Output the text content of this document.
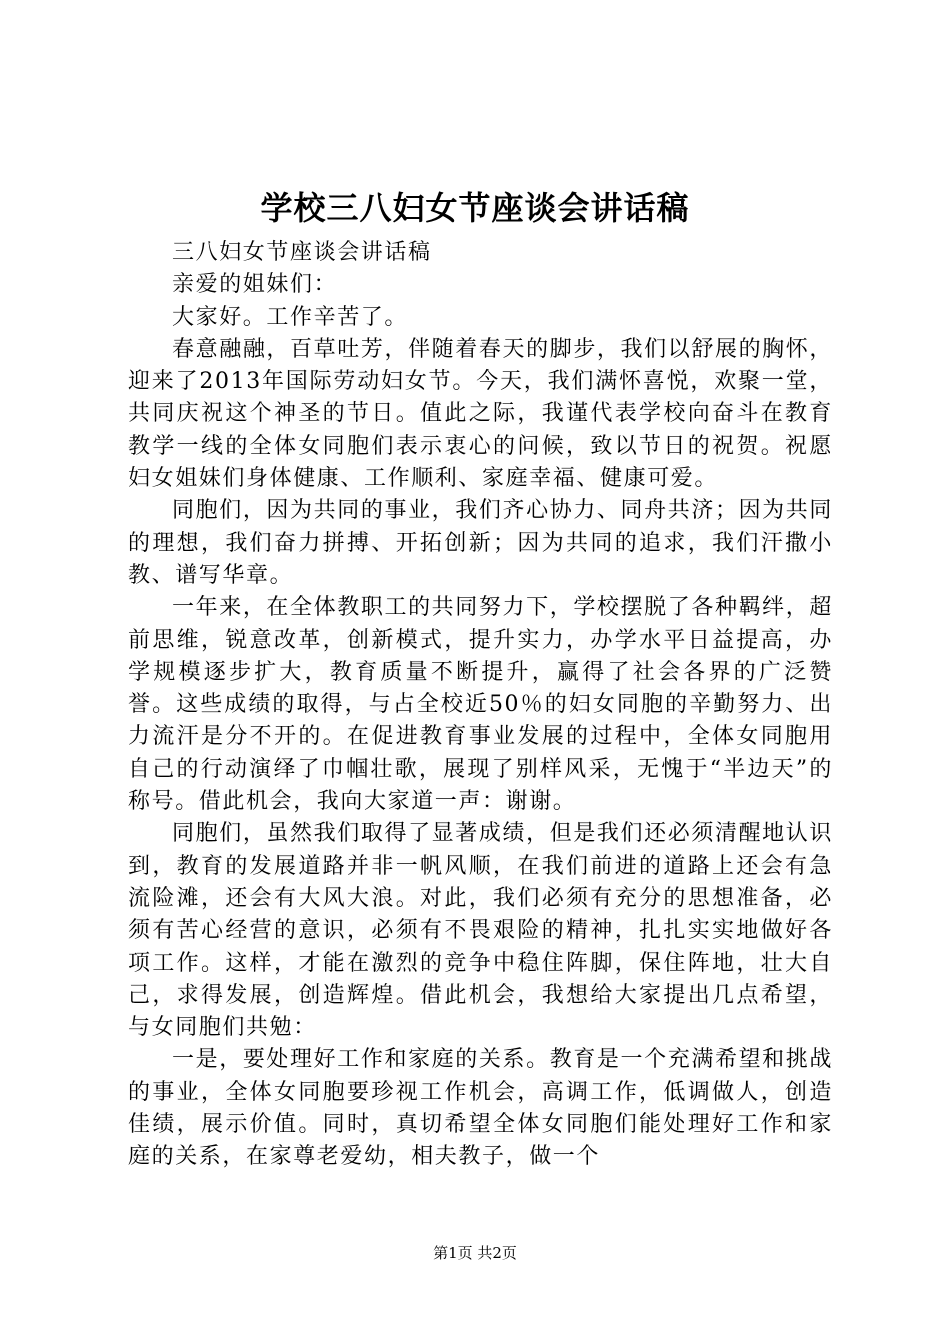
学校三八妇女节座谈会讲话稿

三八妇女节座谈会讲话稿

亲爱的姐妹们：

大家好。工作辛苦了。

春意融融，百草吐芳，伴随着春天的脚步，我们以舒展的胸怀，迎来了2013年国际劳动妇女节。今天，我们满怀喜悦，欢聚一堂，共同庆祝这个神圣的节日。值此之际，我谨代表学校向奋斗在教育教学一线的全体女同胞们表示衷心的问候，致以节日的祝贺。祝愿妇女姐妹们身体健康、工作顺利、家庭幸福、健康可爱。

同胞们，因为共同的事业，我们齐心协力、同舟共济；因为共同的理想，我们奋力拼搏、开拓创新；因为共同的追求，我们汗撒小教、谱写华章。

一年来，在全体教职工的共同努力下，学校摆脱了各种羁绊，超前思维，锐意改革，创新模式，提升实力，办学水平日益提高，办学规模逐步扩大，教育质量不断提升，赢得了社会各界的广泛赞誉。这些成绩的取得，与占全校近50％的妇女同胞的辛勤努力、出力流汗是分不开的。在促进教育事业发展的过程中，全体女同胞用自己的行动演绎了巾帼壮歌，展现了别样风采，无愧于“半边天”的称号。借此机会，我向大家道一声：谢谢。

同胞们，虽然我们取得了显著成绩，但是我们还必须清醒地认识到，教育的发展道路并非一帆风顺，在我们前进的道路上还会有急流险滩，还会有大风大浪。对此，我们必须有充分的思想准备，必须有苦心经营的意识，必须有不畏艰险的精神，扎扎实实地做好各项工作。这样，才能在激烈的竞争中稳住阵脚，保住阵地，壮大自己，求得发展，创造辉煌。借此机会，我想给大家提出几点希望，与女同胞们共勉：

一是，要处理好工作和家庭的关系。教育是一个充满希望和挑战的事业，全体女同胞要珍视工作机会，高调工作，低调做人，创造佳绩，展示价值。同时，真切希望全体女同胞们能处理好工作和家庭的关系，在家尊老爱幼，相夫教子，做一个

第1页 共2页
